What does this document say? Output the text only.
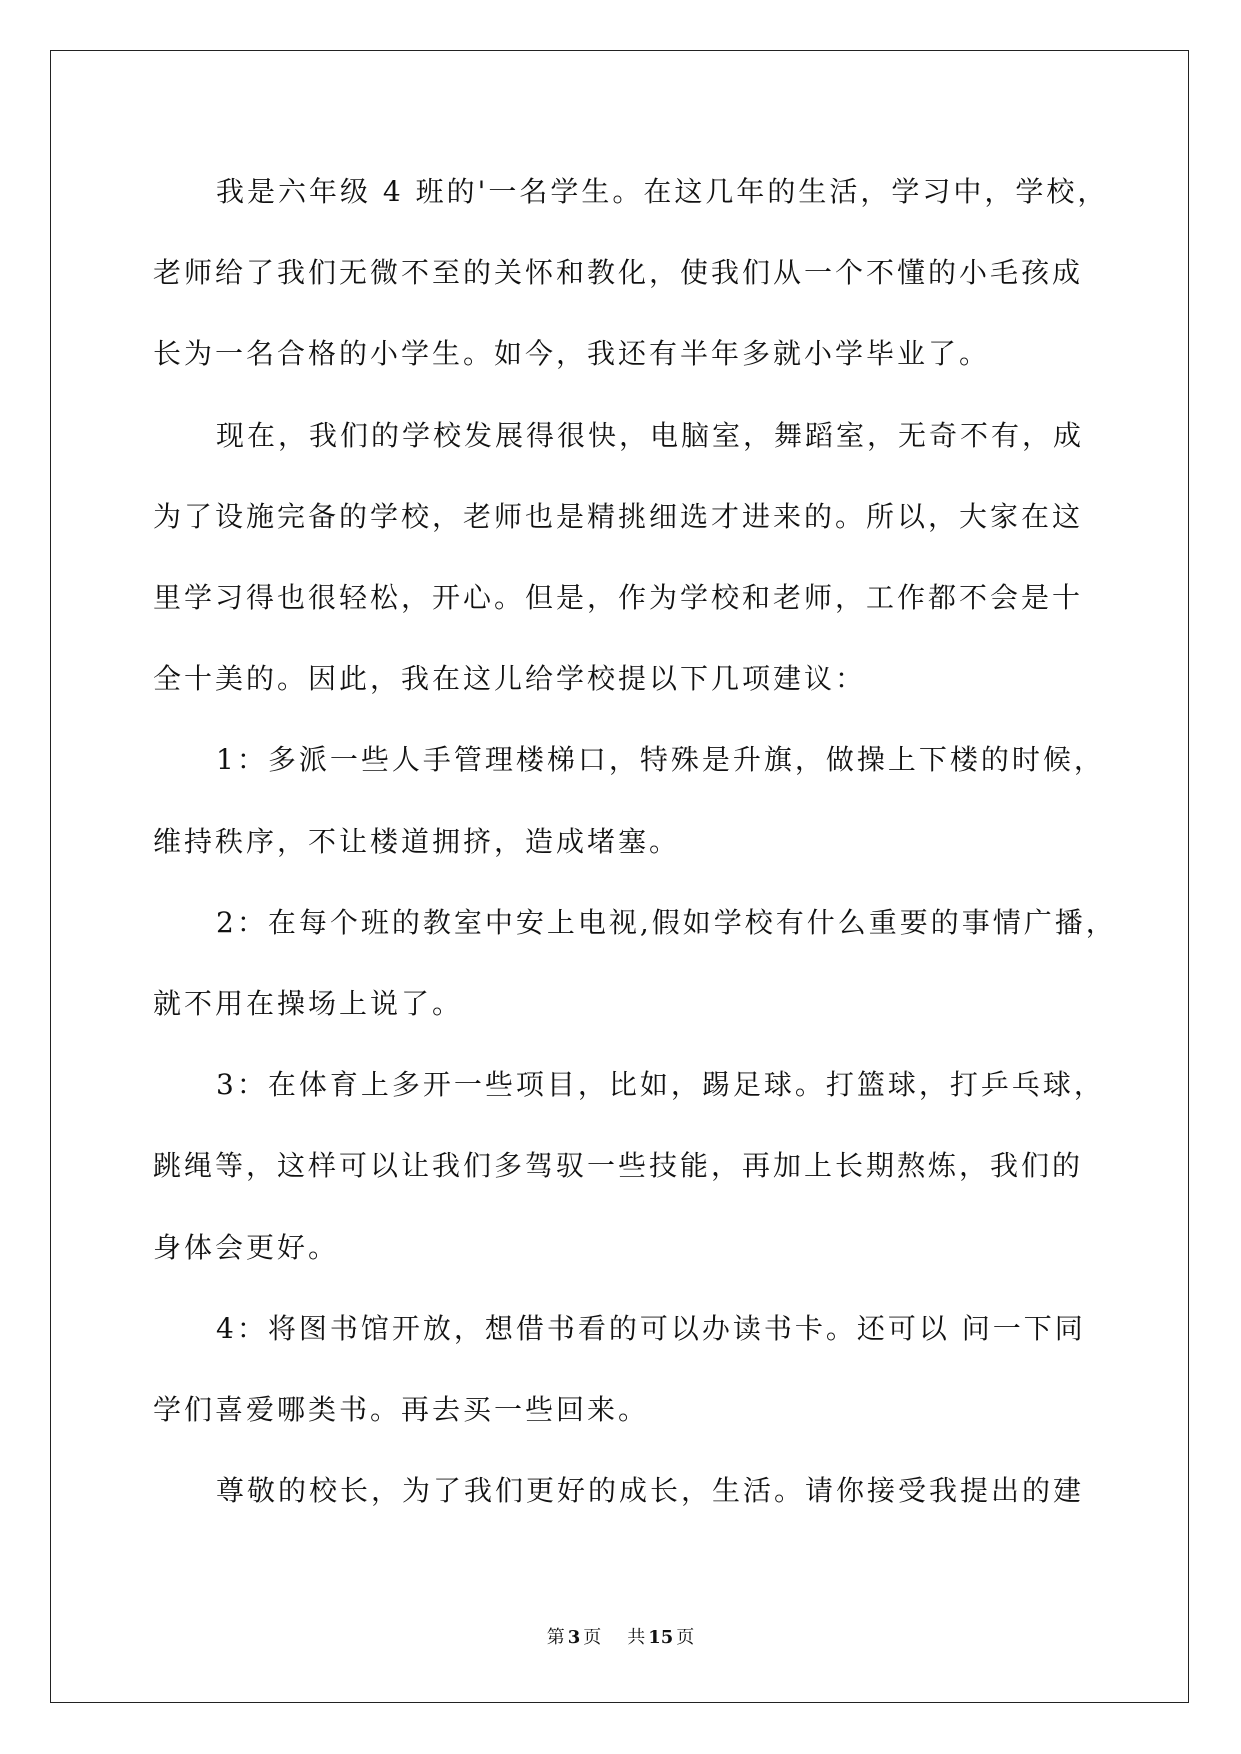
我是六年级 4 班的'一名学生。在这几年的生活，学习中，学校，
老师给了我们无微不至的关怀和教化，使我们从一个不懂的小毛孩成
长为一名合格的小学生。如今，我还有半年多就小学毕业了。
现在，我们的学校发展得很快，电脑室，舞蹈室，无奇不有，成
为了设施完备的学校，老师也是精挑细选才进来的。所以，大家在这
里学习得也很轻松，开心。但是，作为学校和老师，工作都不会是十
全十美的。因此，我在这儿给学校提以下几项建议：
1：多派一些人手管理楼梯口，特殊是升旗，做操上下楼的时候，
维持秩序，不让楼道拥挤，造成堵塞。
2：在每个班的教室中安上电视,假如学校有什么重要的事情广播，
就不用在操场上说了。
3：在体育上多开一些项目，比如，踢足球。打篮球，打乒乓球，
跳绳等，这样可以让我们多驾驭一些技能，再加上长期熬炼，我们的
身体会更好。
4：将图书馆开放，想借书看的可以办读书卡。还可以 问一下同
学们喜爱哪类书。再去买一些回来。
尊敬的校长，为了我们更好的成长，生活。请你接受我提出的建
第 3 页 共 15 页
